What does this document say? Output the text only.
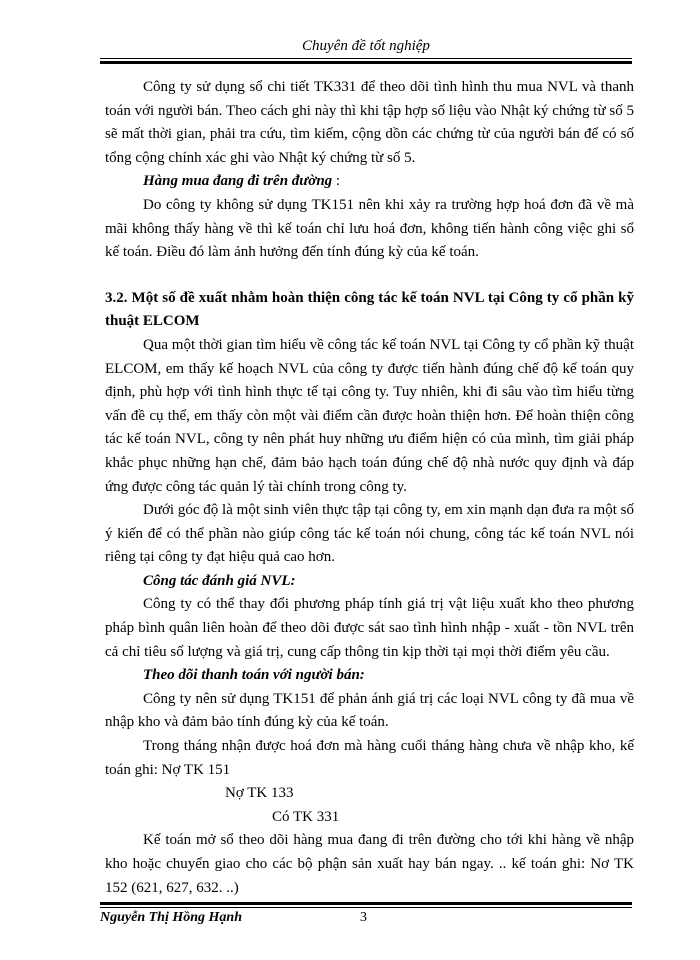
Chuyên đề tốt nghiệp

Công ty sử dụng sổ chi tiết TK331 để theo dõi tình hình thu mua NVL và thanh toán với người bán. Theo cách ghi này thì khi tập hợp số liệu vào Nhật ký chứng từ số 5 sẽ mất thời gian, phải tra cứu, tìm kiếm, cộng dồn các chứng từ của người bán để có số tổng cộng chính xác ghi vào Nhật ký chứng từ số 5.

Hàng mua đang đi trên đường :

Do công ty không sử dụng TK151 nên khi xảy ra trường hợp hoá đơn đã về mà mãi không thấy hàng về thì kế toán chỉ lưu hoá đơn, không tiến hành công việc ghi sổ kế toán. Điều đó làm ảnh hưởng đến tính đúng kỳ của kế toán.

3.2. Một số đề xuất nhằm hoàn thiện công tác kế toán NVL tại Công ty cổ phần kỹ thuật ELCOM

Qua một thời gian tìm hiểu về công tác kế toán NVL tại Công ty cổ phần kỹ thuật ELCOM, em thấy kế hoạch NVL của công ty được tiến hành đúng chế độ kế toán quy định, phù hợp với tình hình thực tế tại công ty. Tuy nhiên, khi đi sâu vào tìm hiểu từng vấn đề cụ thể, em thấy còn một vài điểm cần được hoàn thiện hơn. Để hoàn thiện công tác kế toán NVL, công ty nên phát huy những ưu điểm hiện có của mình, tìm giải pháp khắc phục những hạn chế, đảm bảo hạch toán đúng chế độ nhà nước quy định và đáp ứng được công tác quản lý tài chính trong công ty.

Dưới góc độ là một sinh viên thực tập tại công ty, em xin mạnh dạn đưa ra một số ý kiến để có thể phần nào giúp công tác kế toán nói chung, công tác kế toán NVL nói riêng tại công ty đạt hiệu quả cao hơn.

Công tác đánh giá NVL:

Công ty có thể thay đổi phương pháp tính giá trị vật liệu xuất kho theo phương pháp bình quân liên hoàn để theo dõi được sát sao tình hình nhập - xuất - tồn NVL trên cả chỉ tiêu số lượng và giá trị, cung cấp thông tin kịp thời tại mọi thời điểm yêu cầu.

Theo dõi thanh toán với người bán:

Công ty nên sử dụng TK151 để phản ánh giá trị các loại NVL công ty đã mua về nhập kho và đảm bảo tính đúng kỳ của kế toán.

Trong tháng nhận được hoá đơn mà hàng cuối tháng hàng chưa về nhập kho, kế toán ghi: Nợ TK 151

Nợ TK 133

Có TK 331

Kế toán mở sổ theo dõi hàng mua đang đi trên đường cho tới khi hàng về nhập kho hoặc chuyển giao cho các bộ phận sản xuất hay bán ngay. .. kế toán ghi: Nơ TK 152 (621, 627, 632. ..)

Nguyễn Thị Hồng Hạnh	3
